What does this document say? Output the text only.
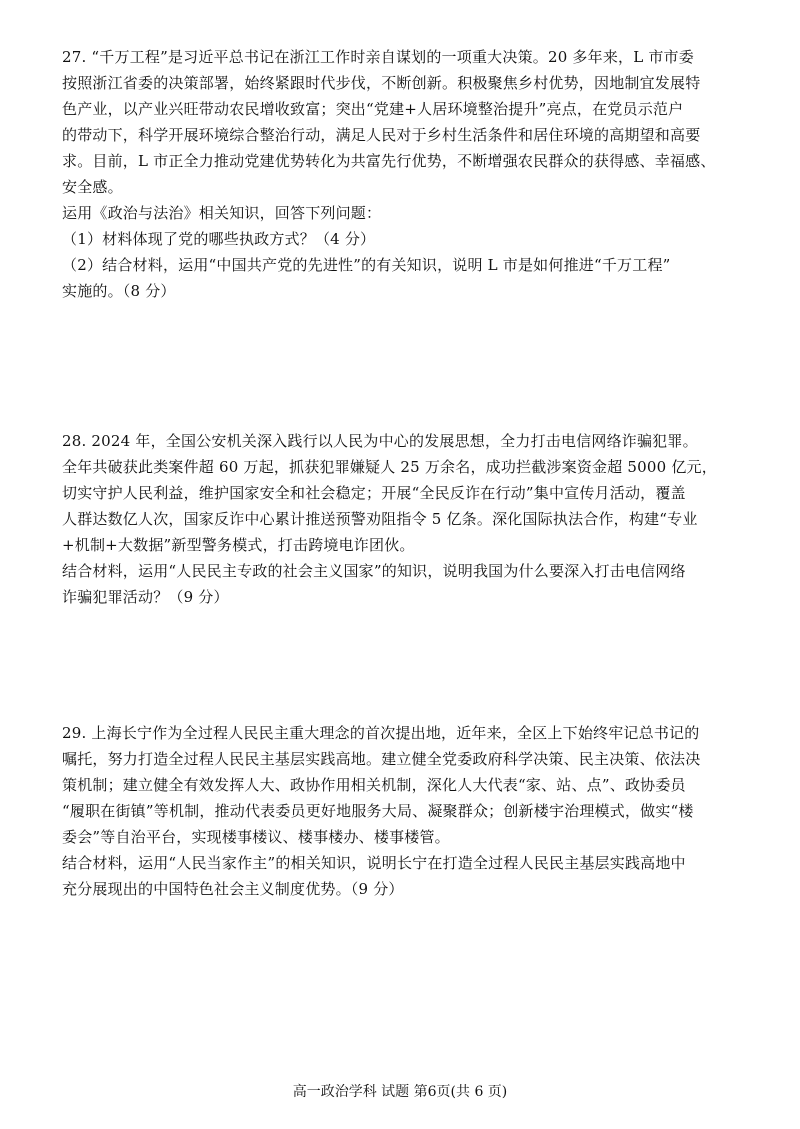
27. “千万工程”是习近平总书记在浙江工作时亲自谋划的一项重大决策。20 多年来，L 市市委
按照浙江省委的决策部署，始终紧跟时代步伐，不断创新。积极聚焦乡村优势，因地制宜发展特
色产业，以产业兴旺带动农民增收致富；突出“党建+人居环境整治提升”亮点，在党员示范户
的带动下，科学开展环境综合整治行动，满足人民对于乡村生活条件和居住环境的高期望和高要
求。目前，L 市正全力推动党建优势转化为共富先行优势，不断增强农民群众的获得感、幸福感、
安全感。
运用《政治与法治》相关知识，回答下列问题：
（1）材料体现了党的哪些执政方式？（4 分）
（2）结合材料，运用“中国共产党的先进性”的有关知识，说明 L 市是如何推进“千万工程”
实施的。（8 分）
28. 2024 年，全国公安机关深入践行以人民为中心的发展思想，全力打击电信网络诈骗犯罪。
全年共破获此类案件超 60 万起，抓获犯罪嫌疑人 25 万余名，成功拦截涉案资金超 5000 亿元，
切实守护人民利益，维护国家安全和社会稳定；开展“全民反诈在行动”集中宣传月活动，覆盖
人群达数亿人次，国家反诈中心累计推送预警劝阻指令 5 亿条。深化国际执法合作，构建“专业
+机制+大数据”新型警务模式，打击跨境电诈团伙。
结合材料，运用“人民民主专政的社会主义国家”的知识，说明我国为什么要深入打击电信网络
诈骗犯罪活动？（9 分）
29. 上海长宁作为全过程人民民主重大理念的首次提出地，近年来，全区上下始终牢记总书记的
嘱托，努力打造全过程人民民主基层实践高地。建立健全党委政府科学决策、民主决策、依法决
策机制；建立健全有效发挥人大、政协作用相关机制，深化人大代表“家、站、点”、政协委员
“履职在街镇”等机制，推动代表委员更好地服务大局、凝聚群众；创新楼宇治理模式，做实“楼
委会”等自治平台，实现楼事楼议、楼事楼办、楼事楼管。
结合材料，运用“人民当家作主”的相关知识，说明长宁在打造全过程人民民主基层实践高地中
充分展现出的中国特色社会主义制度优势。（9 分）
高一政治学科 试题 第6页(共 6 页)
